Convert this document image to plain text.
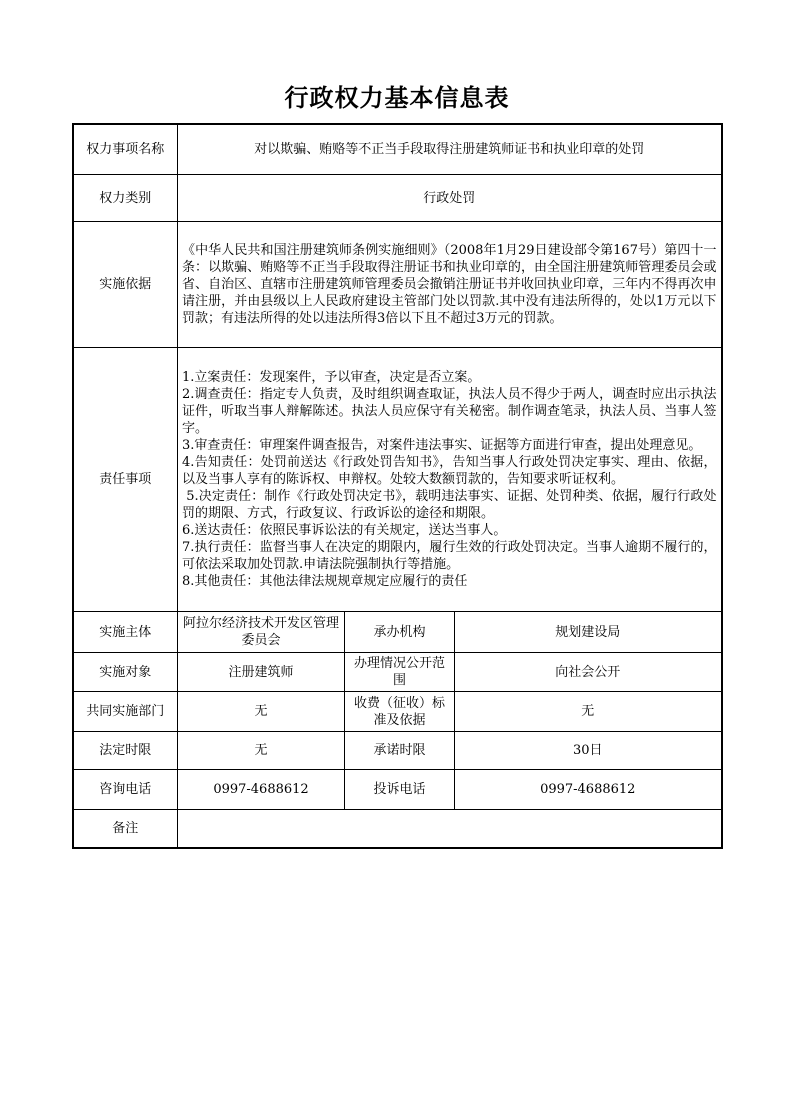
行政权力基本信息表
权力事项名称	对以欺骗、贿赂等不正当手段取得注册建筑师证书和执业印章的处罚		
权力类别	行政处罚		
实施依据	《中华人民共和国注册建筑师条例实施细则》（2008年1月29日建设部令第167号）第四十一条：以欺骗、贿赂等不正当手段取得注册证书和执业印章的，由全国注册建筑师管理委员会或省、自治区、直辖市注册建筑师管理委员会撤销注册证书并收回执业印章，三年内不得再次申请注册，并由县级以上人民政府建设主管部门处以罚款.其中没有违法所得的，处以1万元以下罚款；有违法所得的处以违法所得3倍以下且不超过3万元的罚款。		
责任事项	
1.立案责任：发现案件，予以审查，决定是否立案。
2.调查责任：指定专人负责，及时组织调查取证，执法人员不得少于两人，调查时应出示执法证件，听取当事人辩解陈述。执法人员应保守有关秘密。制作调查笔录，执法人员、当事人签字。
3.审查责任：审理案件调查报告，对案件违法事实、证据等方面进行审查，提出处理意见。
4.告知责任：处罚前送达《行政处罚告知书》，告知当事人行政处罚决定事实、理由、依据，以及当事人享有的陈诉权、申辩权。处较大数额罚款的，告知要求听证权利。
5.决定责任：制作《行政处罚决定书》，载明违法事实、证据、处罚种类、依据，履行行政处罚的期限、方式，行政复议、行政诉讼的途径和期限。
6.送达责任：依照民事诉讼法的有关规定，送达当事人。
7.执行责任：监督当事人在决定的期限内，履行生效的行政处罚决定。当事人逾期不履行的，可依法采取加处罚款.申请法院强制执行等措施。
8.其他责任：其他法律法规规章规定应履行的责任

实施主体	阿拉尔经济技术开发区管理委员会	承办机构	规划建设局
实施对象	注册建筑师	办理情况公开范围	向社会公开
共同实施部门	无	收费（征收）标准及依据	无
法定时限	无	承诺时限	30日
咨询电话	0997-4688612	投诉电话	0997-4688612
备注			
